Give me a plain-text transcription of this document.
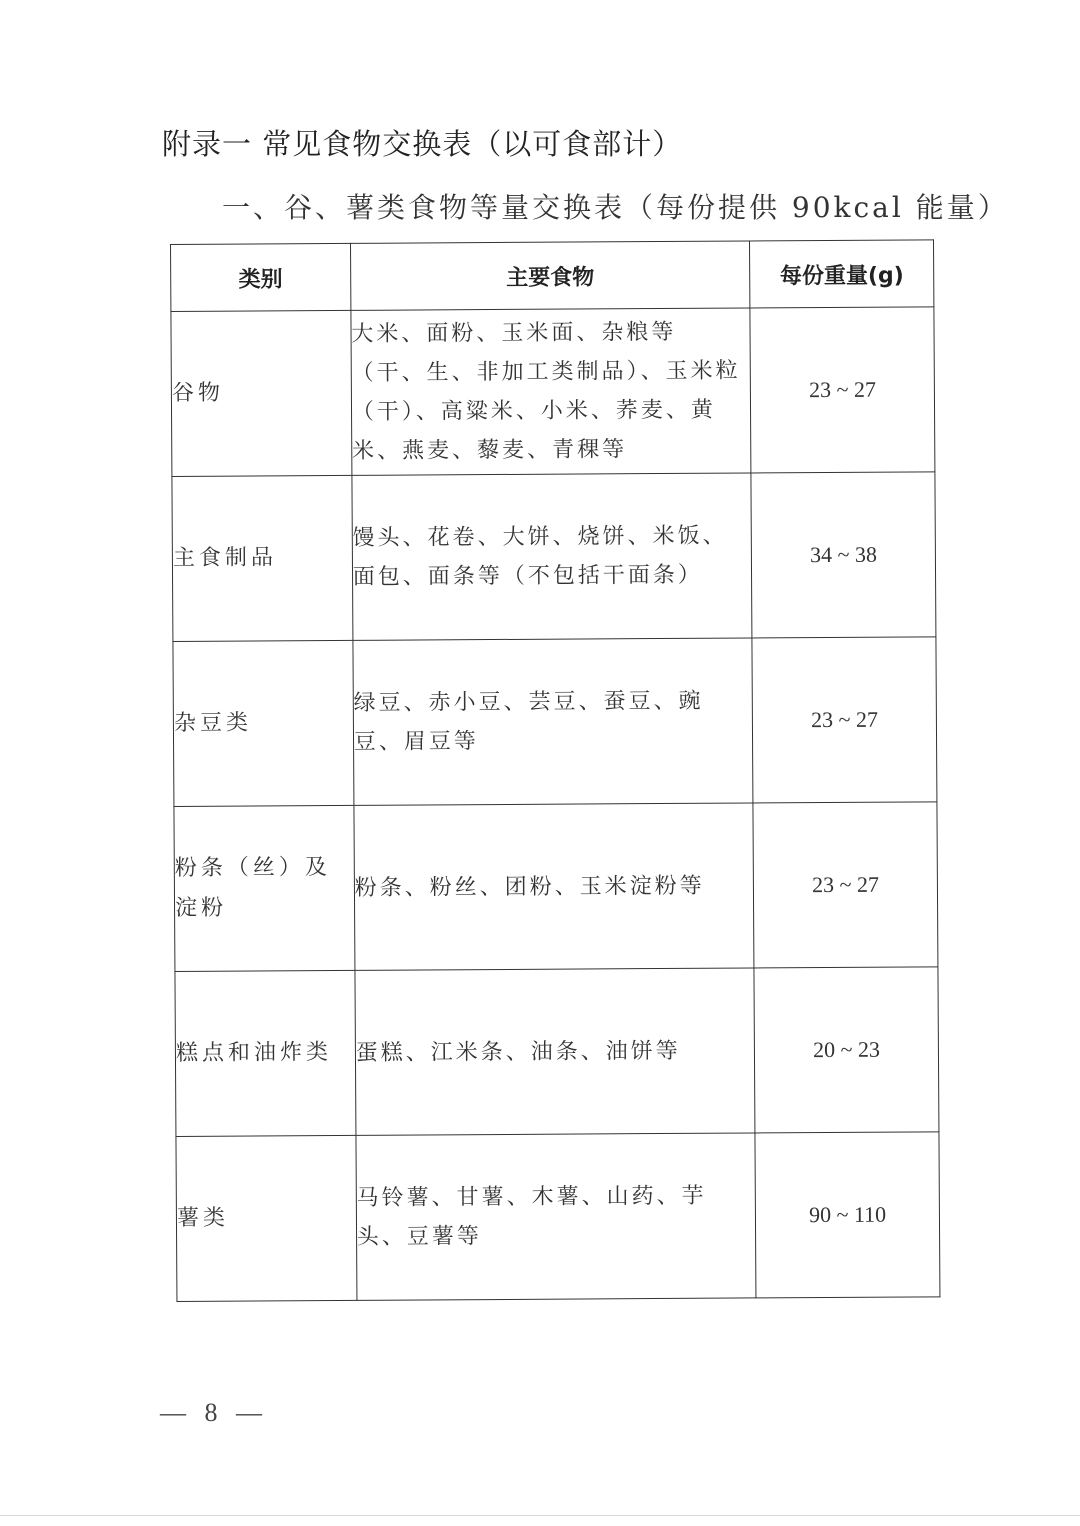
附录一 常见食物交换表（以可食部计）
一、谷、薯类食物等量交换表（每份提供 90kcal 能量）
类别	主要食物	每份重量(g)
谷物	大米、面粉、玉米面、杂粮等（干、生、非加工类制品）、玉米粒（干）、高粱米、小米、荞麦、黄米、燕麦、藜麦、青稞等	23 ~ 27
主食制品	馒头、花卷、大饼、烧饼、米饭、面包、面条等（不包括干面条）	34 ~ 38
杂豆类	绿豆、赤小豆、芸豆、蚕豆、豌豆、眉豆等	23 ~ 27
粉条（丝）及淀粉	粉条、粉丝、团粉、玉米淀粉等	23 ~ 27
糕点和油炸类	蛋糕、江米条、油条、油饼等	20 ~ 23
薯类	马铃薯、甘薯、木薯、山药、芋头、豆薯等	90 ~ 110
— 8 —
